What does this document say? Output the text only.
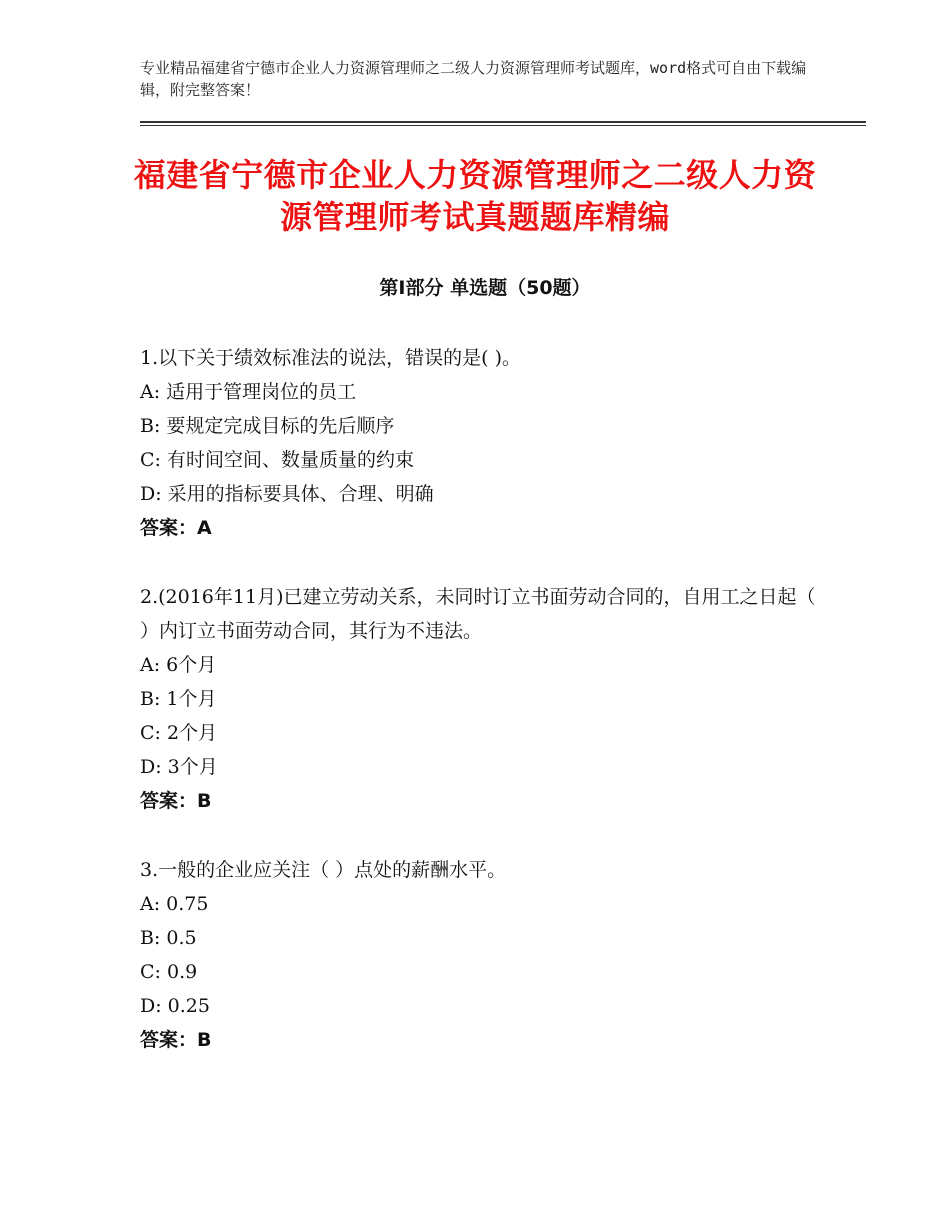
专业精品福建省宁德市企业人力资源管理师之二级人力资源管理师考试题库，word格式可自由下载编辑，附完整答案！
福建省宁德市企业人力资源管理师之二级人力资源管理师考试真题题库精编
第Ⅰ部分 单选题（50题）

1.以下关于绩效标准法的说法，错误的是( )。

A: 适用于管理岗位的员工

B: 要规定完成目标的先后顺序

C: 有时间空间、数量质量的约束

D: 采用的指标要具体、合理、明确

答案：A

2.(2016年11月)已建立劳动关系，未同时订立书面劳动合同的，自用工之日起（ ）内订立书面劳动合同，其行为不违法。

A: 6个月

B: 1个月

C: 2个月

D: 3个月

答案：B

3.一般的企业应关注（ ）点处的薪酬水平。

A: 0.75

B: 0.5

C: 0.9

D: 0.25

答案：B
